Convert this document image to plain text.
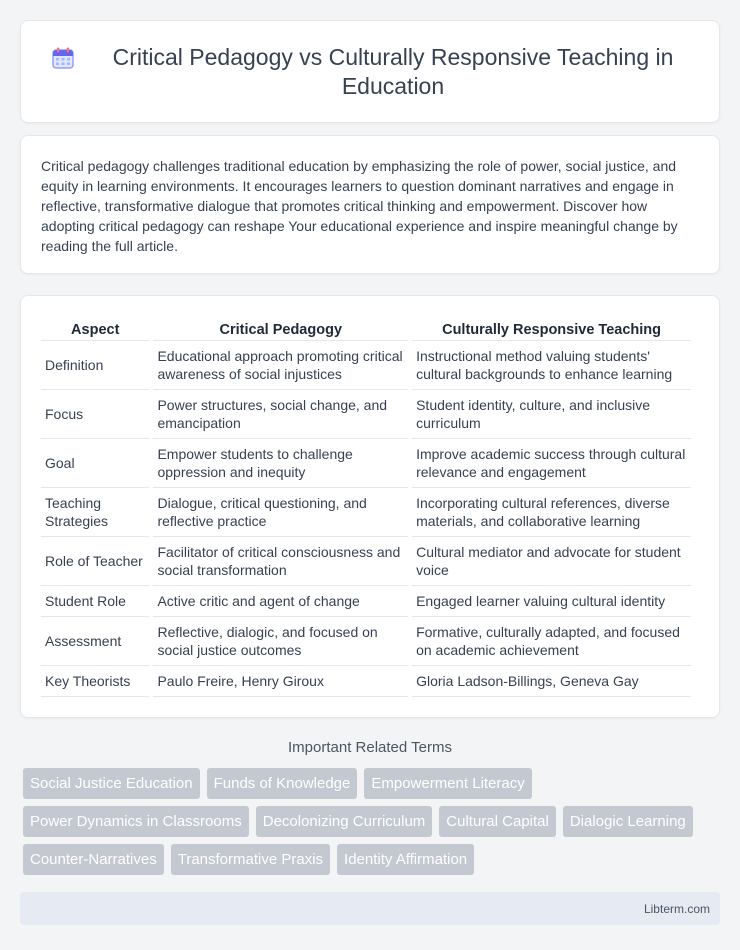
Critical Pedagogy vs Culturally Responsive Teaching in Education

Critical pedagogy challenges traditional education by emphasizing the role of power, social justice, and equity in learning environments. It encourages learners to question dominant narratives and engage in reflective, transformative dialogue that promotes critical thinking and empowerment. Discover how adopting critical pedagogy can reshape Your educational experience and inspire meaningful change by reading the full article.

Aspect	Critical Pedagogy	Culturally Responsive Teaching
Definition	Educational approach promoting critical awareness of social injustices	Instructional method valuing students' cultural backgrounds to enhance learning
Focus	Power structures, social change, and emancipation	Student identity, culture, and inclusive curriculum
Goal	Empower students to challenge oppression and inequity	Improve academic success through cultural relevance and engagement
Teaching Strategies	Dialogue, critical questioning, and reflective practice	Incorporating cultural references, diverse materials, and collaborative learning
Role of Teacher	Facilitator of critical consciousness and social transformation	Cultural mediator and advocate for student voice
Student Role	Active critic and agent of change	Engaged learner valuing cultural identity
Assessment	Reflective, dialogic, and focused on social justice outcomes	Formative, culturally adapted, and focused on academic achievement
Key Theorists	Paulo Freire, Henry Giroux	Gloria Ladson-Billings, Geneva Gay
Important Related Terms
Social Justice Education	Funds of Knowledge	Empowerment Literacy
Power Dynamics in Classrooms	Decolonizing Curriculum	Cultural Capital	Dialogic Learning
Counter-Narratives	Transformative Praxis	Identity Affirmation
Libterm.com
